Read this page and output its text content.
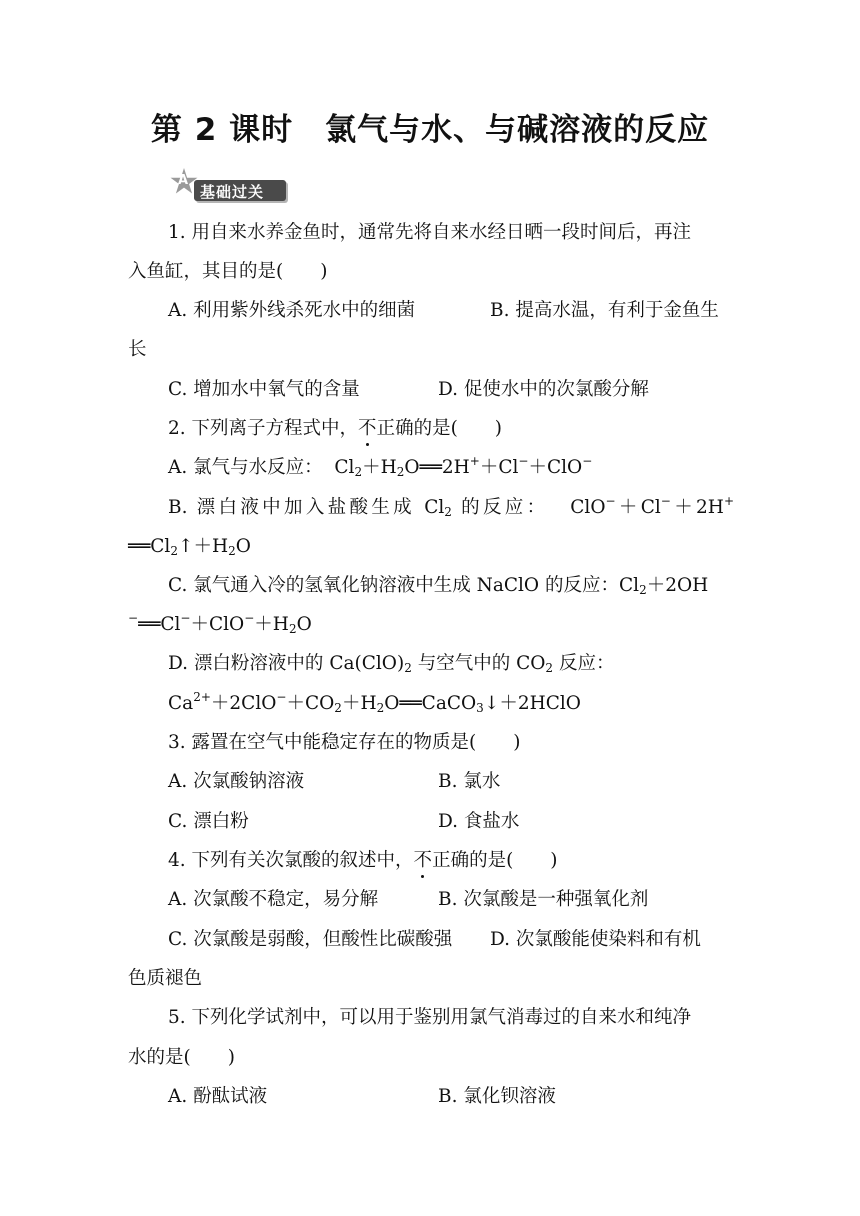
第 2 课时　氯气与水、与碱溶液的反应
A
基础过关
1. 用自来水养金鱼时，通常先将自来水经日晒一段时间后，再注
入鱼缸，其目的是(　　)
A. 利用紫外线杀死水中的细菌	B. 提高水温，有利于金鱼生
长
C. 增加水中氧气的含量	D. 促使水中的次氯酸分解
2. 下列离子方程式中，不正确的是(　　)
A. 氯气与水反应： $Cl_2+H_2O══2H^++Cl^-+ClO^-$
B. 漂白液中加入盐酸生成 $Cl_2$ 的反应：　 ClO−＋Cl−＋2H+
$══Cl_2↑+H_2O$
C. 氯气通入冷的氢氧化钠溶液中生成 NaClO 的反应：$Cl_2+2OH$
$^-══Cl^-+ClO^-+H_2O$
D. 漂白粉溶液中的 $Ca(ClO)_2$ 与空气中的 $CO_2$ 反应：
$Ca^{2+}+2ClO^-+CO_2+H_2O══CaCO_3↓+2HClO$
3. 露置在空气中能稳定存在的物质是(　　)
A. 次氯酸钠溶液	B. 氯水
C. 漂白粉	D. 食盐水
4. 下列有关次氯酸的叙述中，不正确的是(　　)
A. 次氯酸不稳定，易分解	B. 次氯酸是一种强氧化剂
C. 次氯酸是弱酸，但酸性比碳酸强 D. 次氯酸能使染料和有机
色质褪色
5. 下列化学试剂中，可以用于鉴别用氯气消毒过的自来水和纯净
水的是(　　)
A. 酚酞试液	B. 氯化钡溶液
